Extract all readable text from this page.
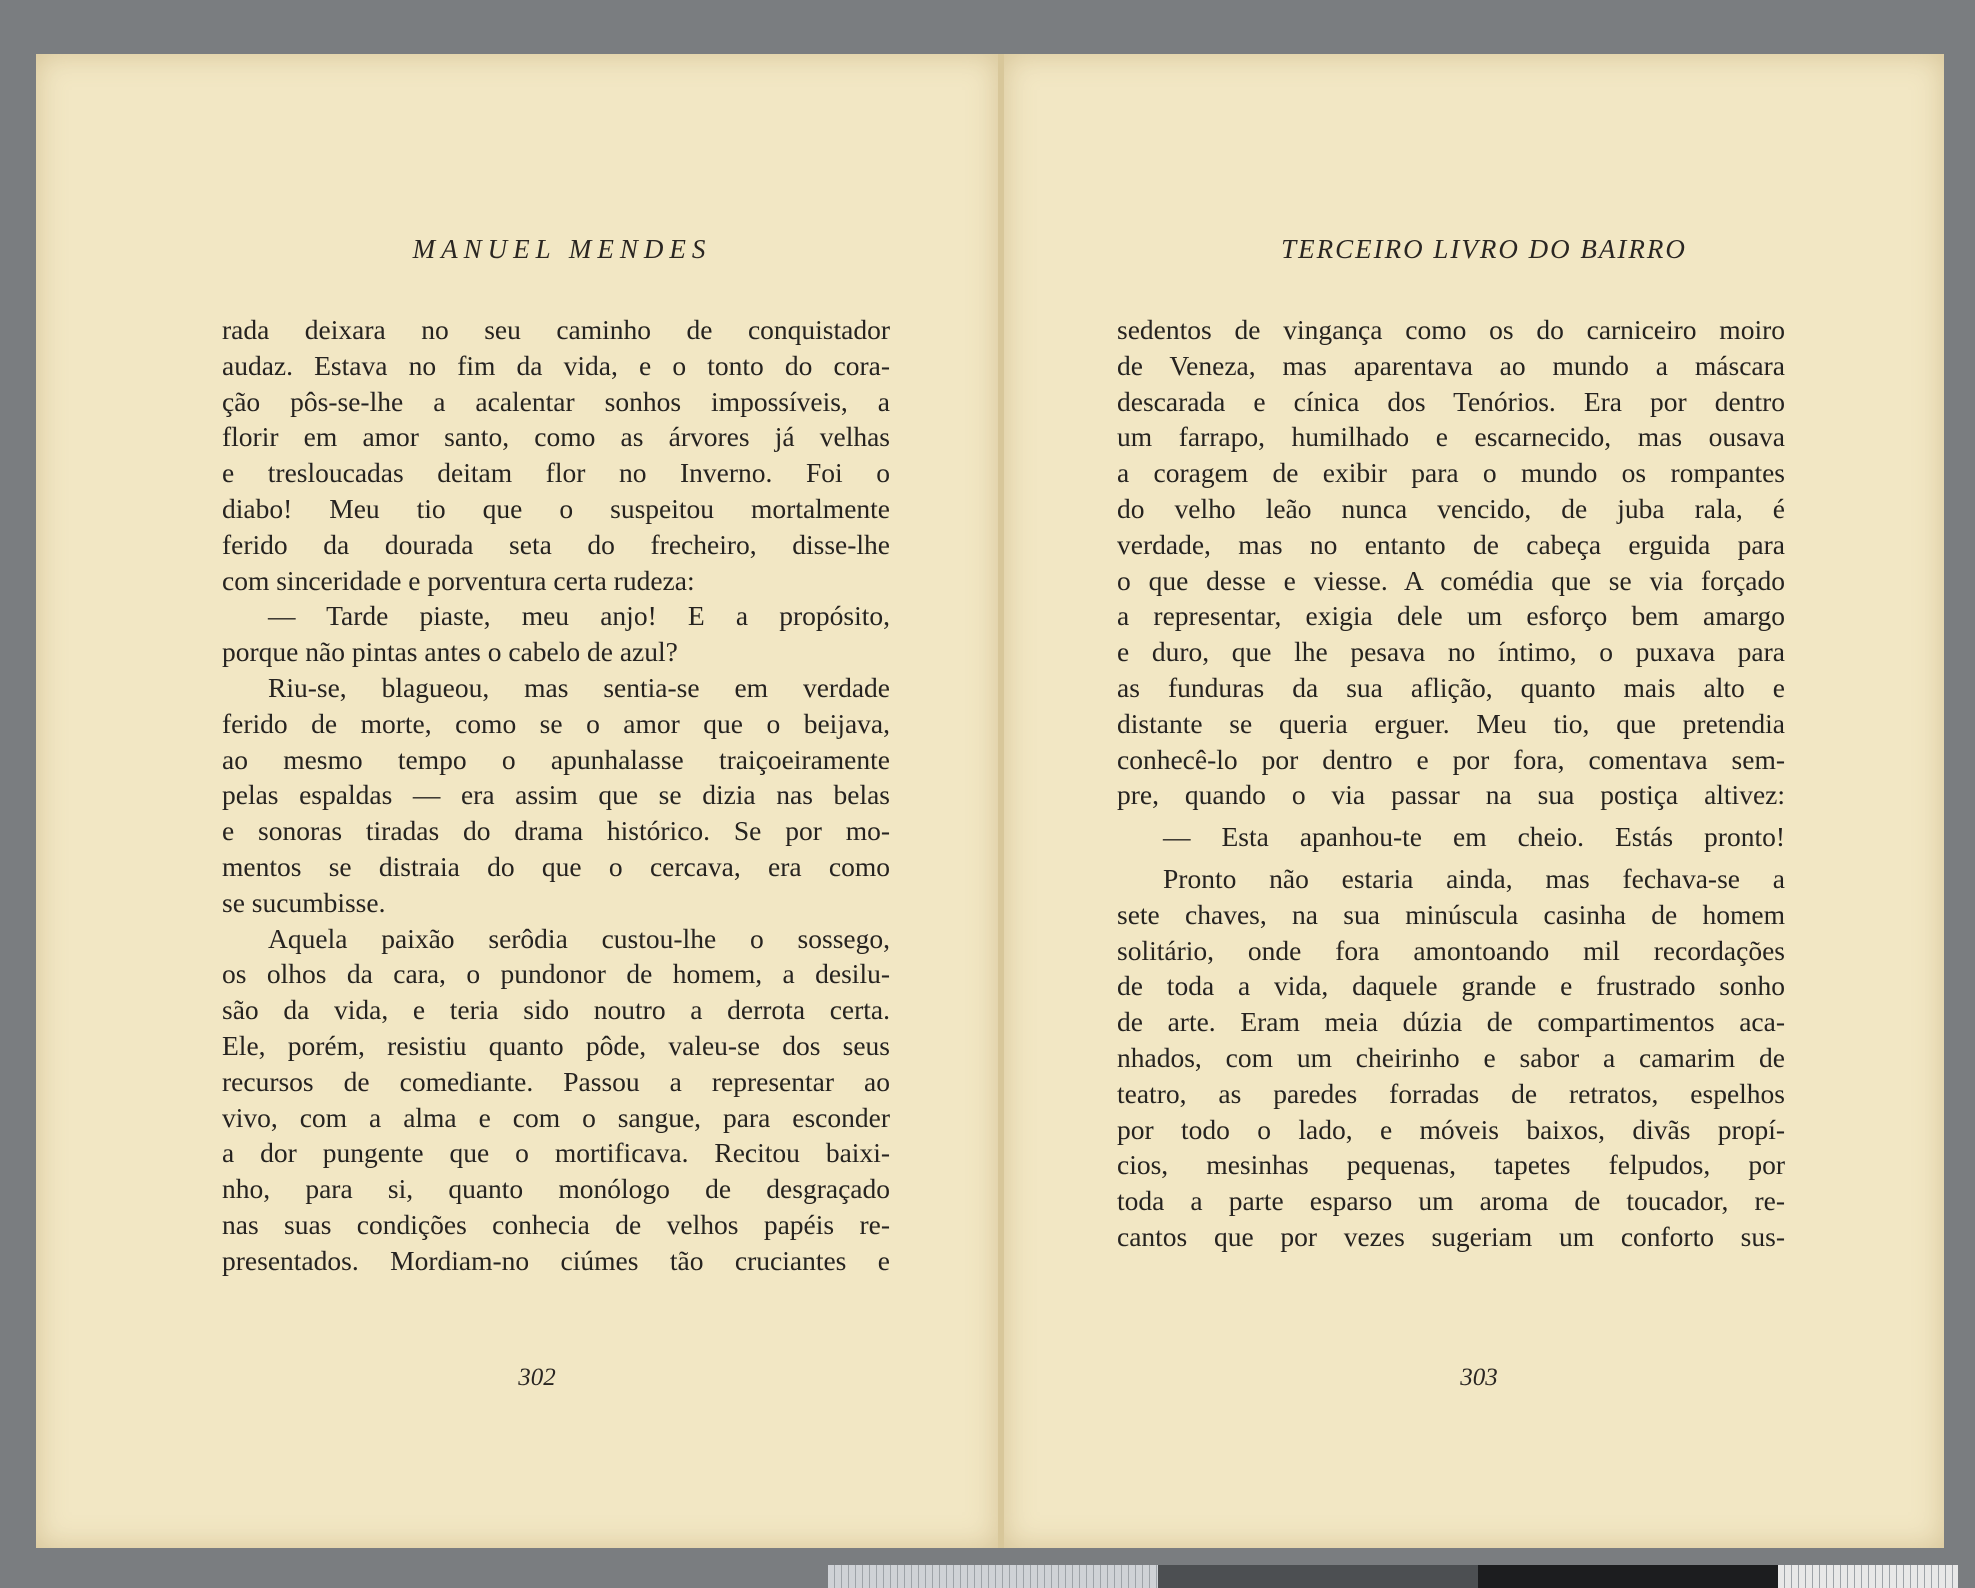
MANUEL MENDES
rada deixara no seu caminho de conquistador
audaz. Estava no fim da vida, e o tonto do cora-
ção pôs-se-lhe a acalentar sonhos impossíveis, a
florir em amor santo, como as árvores já velhas
e tresloucadas deitam flor no Inverno. Foi o
diabo! Meu tio que o suspeitou mortalmente
ferido da dourada seta do frecheiro, disse-lhe
com sinceridade e porventura certa rudeza:
— Tarde piaste, meu anjo! E a propósito,
porque não pintas antes o cabelo de azul?
Riu-se, blagueou, mas sentia-se em verdade
ferido de morte, como se o amor que o beijava,
ao mesmo tempo o apunhalasse traiçoeiramente
pelas espaldas — era assim que se dizia nas belas
e sonoras tiradas do drama histórico. Se por mo-
mentos se distraia do que o cercava, era como
se sucumbisse.
Aquela paixão serôdia custou-lhe o sossego,
os olhos da cara, o pundonor de homem, a desilu-
são da vida, e teria sido noutro a derrota certa.
Ele, porém, resistiu quanto pôde, valeu-se dos seus
recursos de comediante. Passou a representar ao
vivo, com a alma e com o sangue, para esconder
a dor pungente que o mortificava. Recitou baixi-
nho, para si, quanto monólogo de desgraçado
nas suas condições conhecia de velhos papéis re-
presentados. Mordiam-no ciúmes tão cruciantes e
302
TERCEIRO LIVRO DO BAIRRO
sedentos de vingança como os do carniceiro moiro
de Veneza, mas aparentava ao mundo a máscara
descarada e cínica dos Tenórios. Era por dentro
um farrapo, humilhado e escarnecido, mas ousava
a coragem de exibir para o mundo os rompantes
do velho leão nunca vencido, de juba rala, é
verdade, mas no entanto de cabeça erguida para
o que desse e viesse. A comédia que se via forçado
a representar, exigia dele um esforço bem amargo
e duro, que lhe pesava no íntimo, o puxava para
as funduras da sua aflição, quanto mais alto e
distante se queria erguer. Meu tio, que pretendia
conhecê-lo por dentro e por fora, comentava sem-
pre, quando o via passar na sua postiça altivez:
— Esta apanhou-te em cheio. Estás pronto!
Pronto não estaria ainda, mas fechava-se a
sete chaves, na sua minúscula casinha de homem
solitário, onde fora amontoando mil recordações
de toda a vida, daquele grande e frustrado sonho
de arte. Eram meia dúzia de compartimentos aca-
nhados, com um cheirinho e sabor a camarim de
teatro, as paredes forradas de retratos, espelhos
por todo o lado, e móveis baixos, divãs propí-
cios, mesinhas pequenas, tapetes felpudos, por
toda a parte esparso um aroma de toucador, re-
cantos que por vezes sugeriam um conforto sus-
303
